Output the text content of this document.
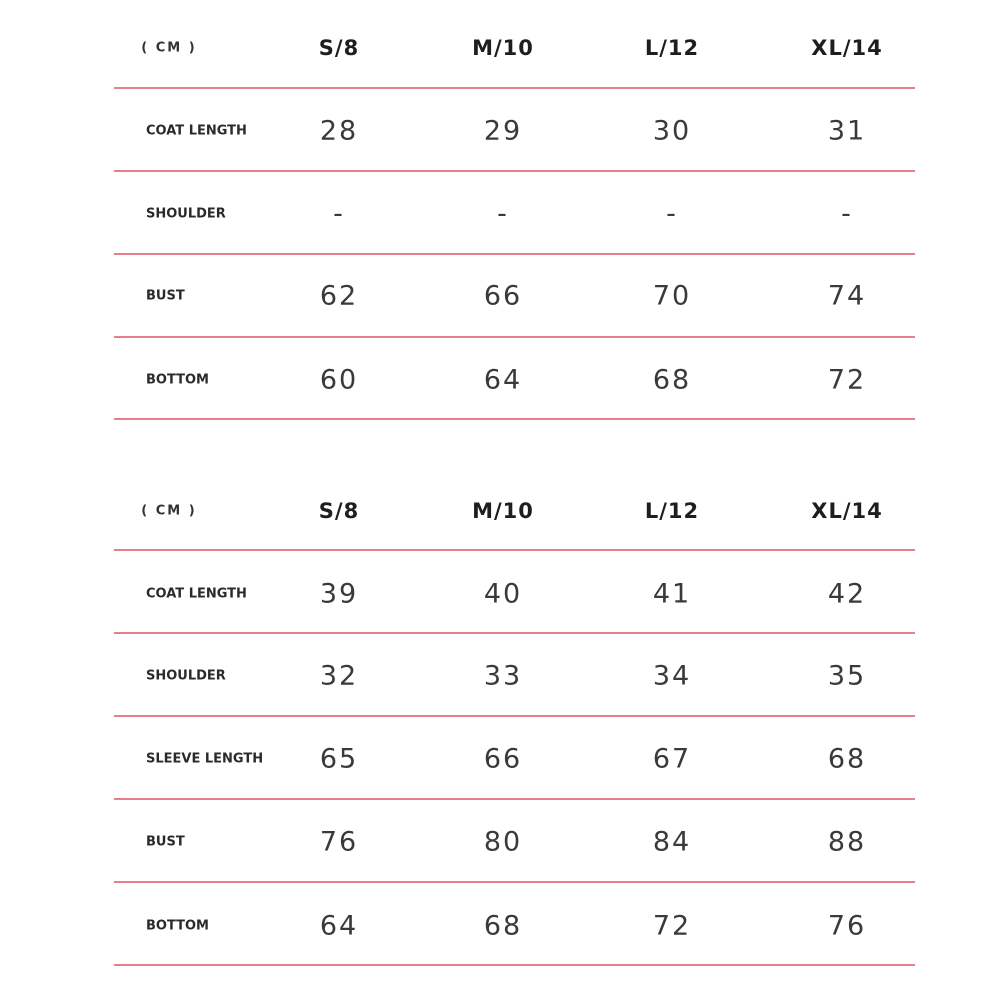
( CM )	S/8	M/10	L/12	XL/14
COAT LENGTH	28	29	30	31
SHOULDER	-	-	-	-
BUST	62	66	70	74
BOTTOM	60	64	68	72
( CM )	S/8	M/10	L/12	XL/14
COAT LENGTH	39	40	41	42
SHOULDER	32	33	34	35
SLEEVE LENGTH 65	66	67	68
BUST	76	80	84	88
BOTTOM	64	68	72	76
